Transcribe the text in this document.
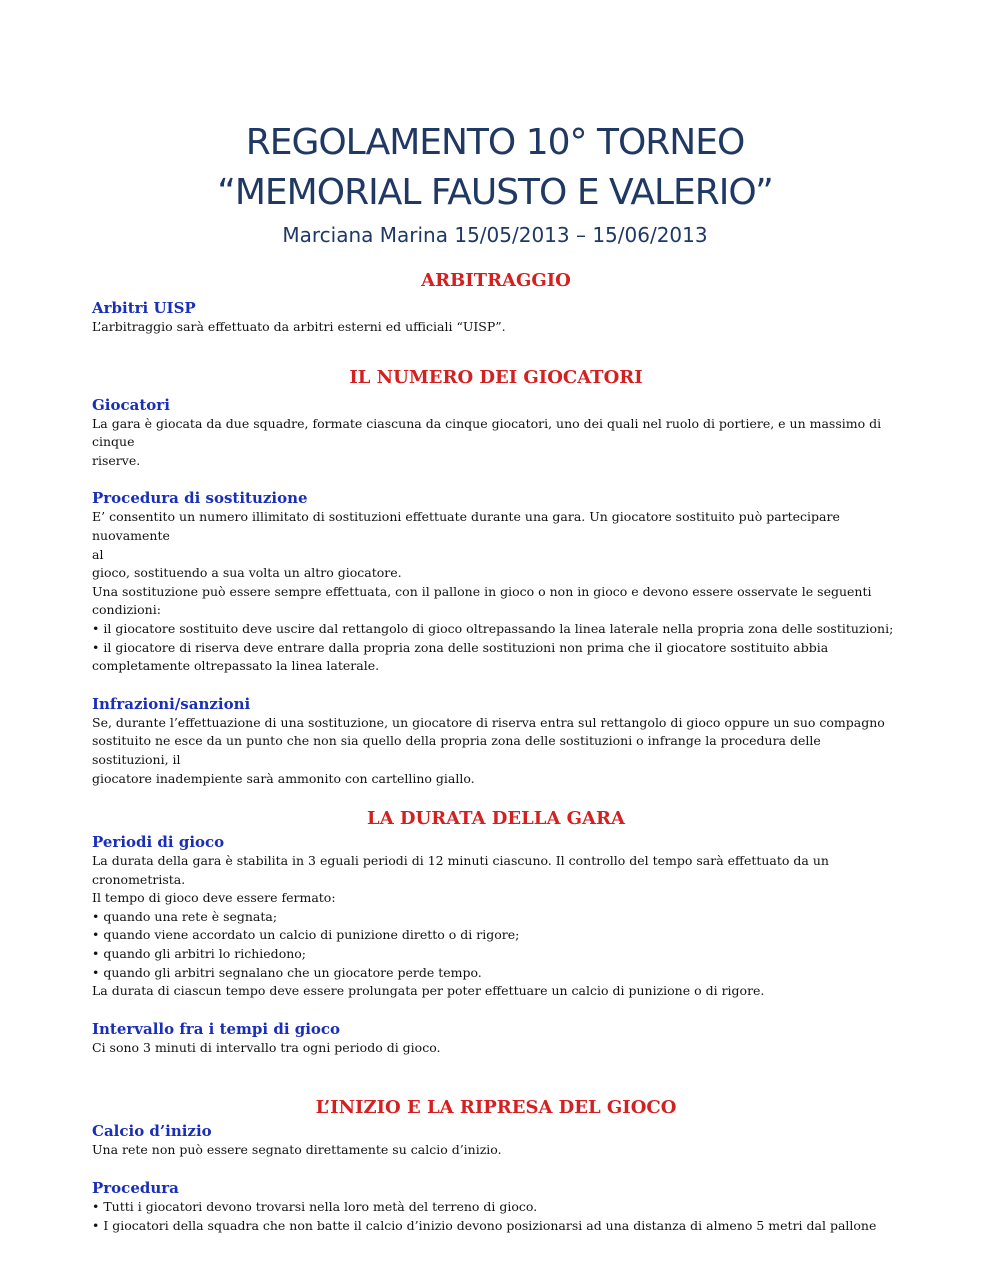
REGOLAMENTO 10° TORNEO
“MEMORIAL FAUSTO E VALERIO”
Marciana Marina 15/05/2013 – 15/06/2013
ARBITRAGGIO
Arbitri UISP
L’arbitraggio sarà effettuato da arbitri esterni ed ufficiali “UISP”.
IL NUMERO DEI GIOCATORI
Giocatori
La gara è giocata da due squadre, formate ciascuna da cinque giocatori, uno dei quali nel ruolo di portiere, e un massimo di cinque
riserve.
Procedura di sostituzione
E’ consentito un numero illimitato di sostituzioni effettuate durante una gara. Un giocatore sostituito può partecipare nuovamente
al
gioco, sostituendo a sua volta un altro giocatore.
Una sostituzione può essere sempre effettuata, con il pallone in gioco o non in gioco e devono essere osservate le seguenti
condizioni:
• il giocatore sostituito deve uscire dal rettangolo di gioco oltrepassando la linea laterale nella propria zona delle sostituzioni;
• il giocatore di riserva deve entrare dalla propria zona delle sostituzioni non prima che il giocatore sostituito abbia
completamente oltrepassato la linea laterale.
Infrazioni/sanzioni
Se, durante l’effettuazione di una sostituzione, un giocatore di riserva entra sul rettangolo di gioco oppure un suo compagno
sostituito ne esce da un punto che non sia quello della propria zona delle sostituzioni o infrange la procedura delle sostituzioni, il
giocatore inadempiente sarà ammonito con cartellino giallo.
LA DURATA DELLA GARA
Periodi di gioco
La durata della gara è stabilita in 3 eguali periodi di 12 minuti ciascuno. Il controllo del tempo sarà effettuato da un cronometrista.
Il tempo di gioco deve essere fermato:
• quando una rete è segnata;
• quando viene accordato un calcio di punizione diretto o di rigore;
• quando gli arbitri lo richiedono;
• quando gli arbitri segnalano che un giocatore perde tempo.
La durata di ciascun tempo deve essere prolungata per poter effettuare un calcio di punizione o di rigore.
Intervallo fra i tempi di gioco
Ci sono 3 minuti di intervallo tra ogni periodo di gioco.
L’INIZIO E LA RIPRESA DEL GIOCO
Calcio d’inizio
Una rete non può essere segnato direttamente su calcio d’inizio.
Procedura
• Tutti i giocatori devono trovarsi nella loro metà del terreno di gioco.
• I giocatori della squadra che non batte il calcio d’inizio devono posizionarsi ad una distanza di almeno 5 metri dal pallone
